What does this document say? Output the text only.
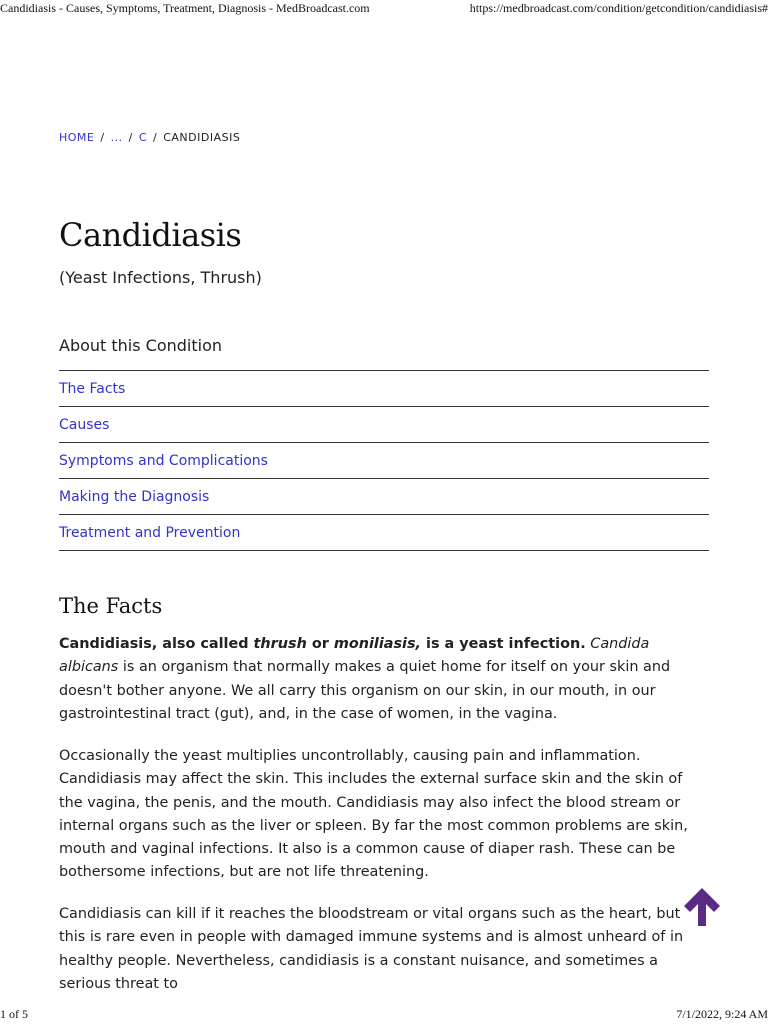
Candidiasis - Causes, Symptoms, Treatment, Diagnosis - MedBroadcast.com	https://medbroadcast.com/condition/getcondition/candidiasis#
HOME / ... / C / CANDIDIASIS
Candidiasis
(Yeast Infections, Thrush)
About this Condition
The Facts
Causes
Symptoms and Complications
Making the Diagnosis
Treatment and Prevention
The Facts

Candidiasis, also called thrush or moniliasis, is a yeast infection. Candida albicans is an organism that normally makes a quiet home for itself on your skin and doesn't bother anyone. We all carry this organism on our skin, in our mouth, in our gastrointestinal tract (gut), and, in the case of women, in the vagina.

Occasionally the yeast multiplies uncontrollably, causing pain and inflammation. Candidiasis may affect the skin. This includes the external surface skin and the skin of the vagina, the penis, and the mouth. Candidiasis may also infect the blood stream or internal organs such as the liver or spleen. By far the most common problems are skin, mouth and vaginal infections. It also is a common cause of diaper rash. These can be bothersome infections, but are not life threatening.

Candidiasis can kill if it reaches the bloodstream or vital organs such as the heart, but this is rare even in people with damaged immune systems and is almost unheard of in healthy people. Nevertheless, candidiasis is a constant nuisance, and sometimes a serious threat to

1 of 5	7/1/2022, 9:24 AM
